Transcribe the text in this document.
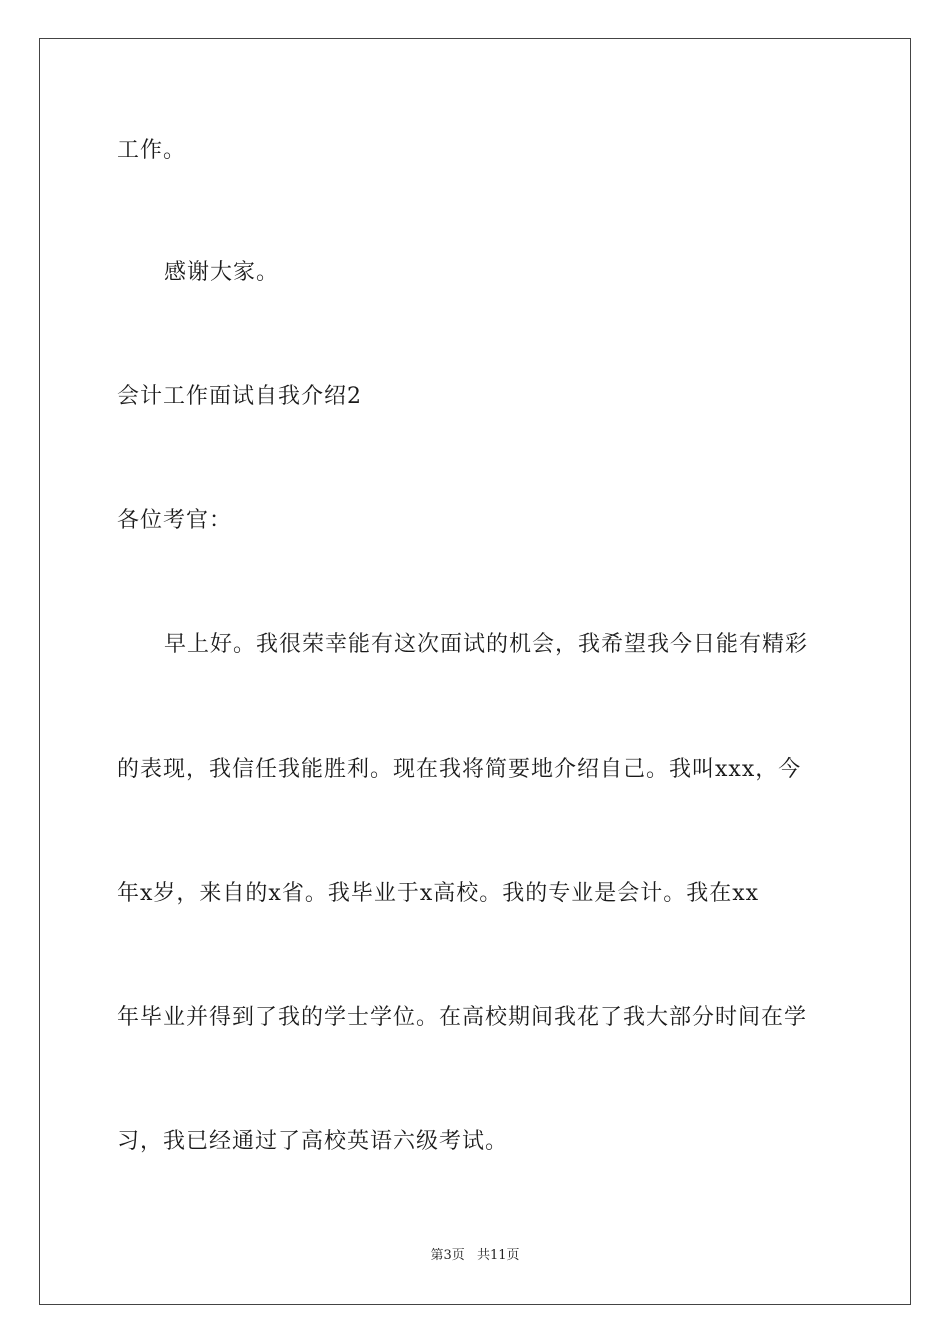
工作。
感谢大家。
会计工作面试自我介绍2
各位考官：
早上好。我很荣幸能有这次面试的机会，我希望我今日能有精彩
的表现，我信任我能胜利。现在我将简要地介绍自己。我叫xxx，今
年x岁，来自的x省。我毕业于x高校。我的专业是会计。我在xx
年毕业并得到了我的学士学位。在高校期间我花了我大部分时间在学
习，我已经通过了高校英语六级考试。
第3页 共11页
